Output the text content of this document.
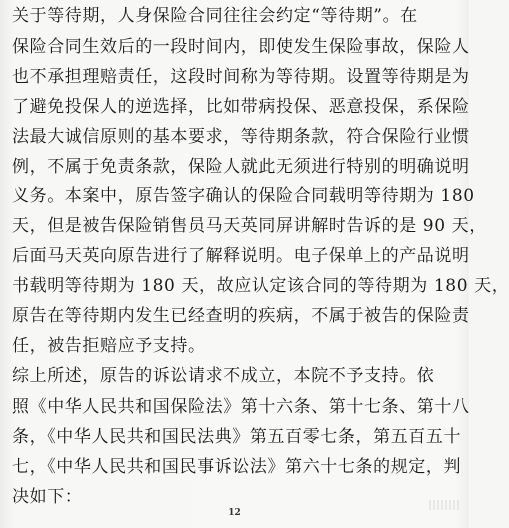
关于等待期，人身保险合同往往会约定“等待期”。在
保险合同生效后的一段时间内，即使发生保险事故，保险人
也不承担理赔责任，这段时间称为等待期。设置等待期是为
了避免投保人的逆选择，比如带病投保、恶意投保，系保险
法最大诚信原则的基本要求，等待期条款，符合保险行业惯
例，不属于免责条款，保险人就此无须进行特别的明确说明
义务。本案中，原告签字确认的保险合同载明等待期为 180
天，但是被告保险销售员马天英同屏讲解时告诉的是 90 天，
后面马天英向原告进行了解释说明。电子保单上的产品说明
书载明等待期为 180 天，故应认定该合同的等待期为 180 天，
原告在等待期内发生已经查明的疾病，不属于被告的保险责
任，被告拒赔应予支持。
综上所述，原告的诉讼请求不成立，本院不予支持。依
照《中华人民共和国保险法》第十六条、第十七条、第十八
条，《中华人民共和国民法典》第五百零七条，第五百五十
七，《中华人民共和国民事诉讼法》第六十七条的规定，判
决如下：
12
